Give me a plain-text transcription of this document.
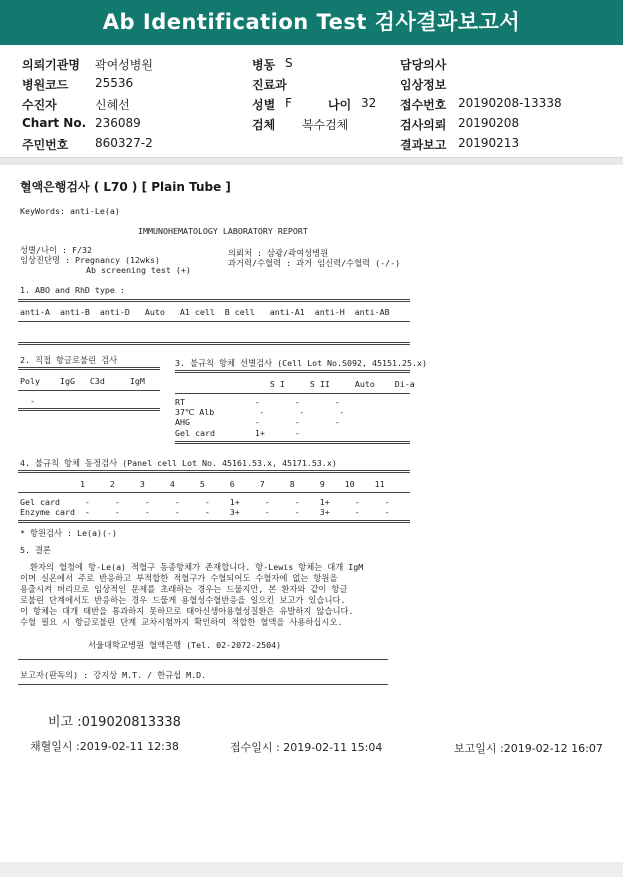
Ab Identification Test 검사결과보고서
의뢰기관명 곽여성병원	병동 S	담당의사
병원코드 25536	진료과	임상정보
수진자	신혜선	성별 F	나이 32 접수번호 20190208-13338
Chart No. 236089	검체 복수검체	검사의뢰 20190208
주민번호 860327-2	결과보고 20190213
혈액은행검사 ( L70 ) [ Plain Tube ]
KeyWords: anti-Le(a)
IMMUNOHEMATOLOGY LABORATORY REPORT
성별/나이 : F/32
임상진단명 : Pregnancy (12wks)
Ab screening test (+)
의뢰처 : 삼광/곽여성병원
과거력/수혈력 : 과거 임신력/수혈력 (-/-)
1. ABO and RhD type :
anti-A  anti-B  anti-D   Auto   A1 cell  B cell   anti-A1  anti-H  anti-AB
2. 직접 항글로불린 검사
Poly    IgG   C3d     IgM
-
3. 불규칙 항체 선별검사 (Cell Lot No.S092, 45151.25.x)
S I     S II     Auto    Di-a
RT              -       -       -
37℃ Alb         -       -       -
AHG             -       -       -
Gel card        1+      -
4. 불규칙 항체 동정검사 (Panel cell Lot No. 45161.53.x, 45171.53.x)
1     2     3     4     5     6     7     8     9    10    11
Gel card     -     -     -     -     -    1+     -     -    1+     -     -
Enzyme card  -     -     -     -     -    3+     -     -    3+     -     -
* 항원검사 : Le(a)(-)
5. 결론
환자의 혈청에 항-Le(a) 적혈구 동종항체가 존재합니다. 항-Lewis 항체는 대개 IgM
이며 실온에서 주로 반응하고 부적합한 적혈구가 수혈되어도 수혈자에 없는 항원을
용출시켜 버리므로 임상적인 문제를 초래하는 경우는 드물지만, 본 환자와 같이 항글
로불린 단계에서도 반응하는 경우 드물게 용혈성수혈반응을 일으킨 보고가 있습니다.
이 항체는 대개 태반을 통과하지 못하므로 태아신생아용혈성질환은 유발하지 않습니다.
수혈 필요 시 항글로불린 단계 교차시험까지 확인하여 적합한 혈액을 사용하십시오.
서울대학교병원 혈액은행 (Tel. 02-2072-2504)
보고자(판독의) : 강지상 M.T. / 한규섭 M.D.
비고 :019020813338
채혈일시 :2019-02-11 12:38	접수일시 : 2019-02-11 15:04	보고일시 :2019-02-12 16:07
